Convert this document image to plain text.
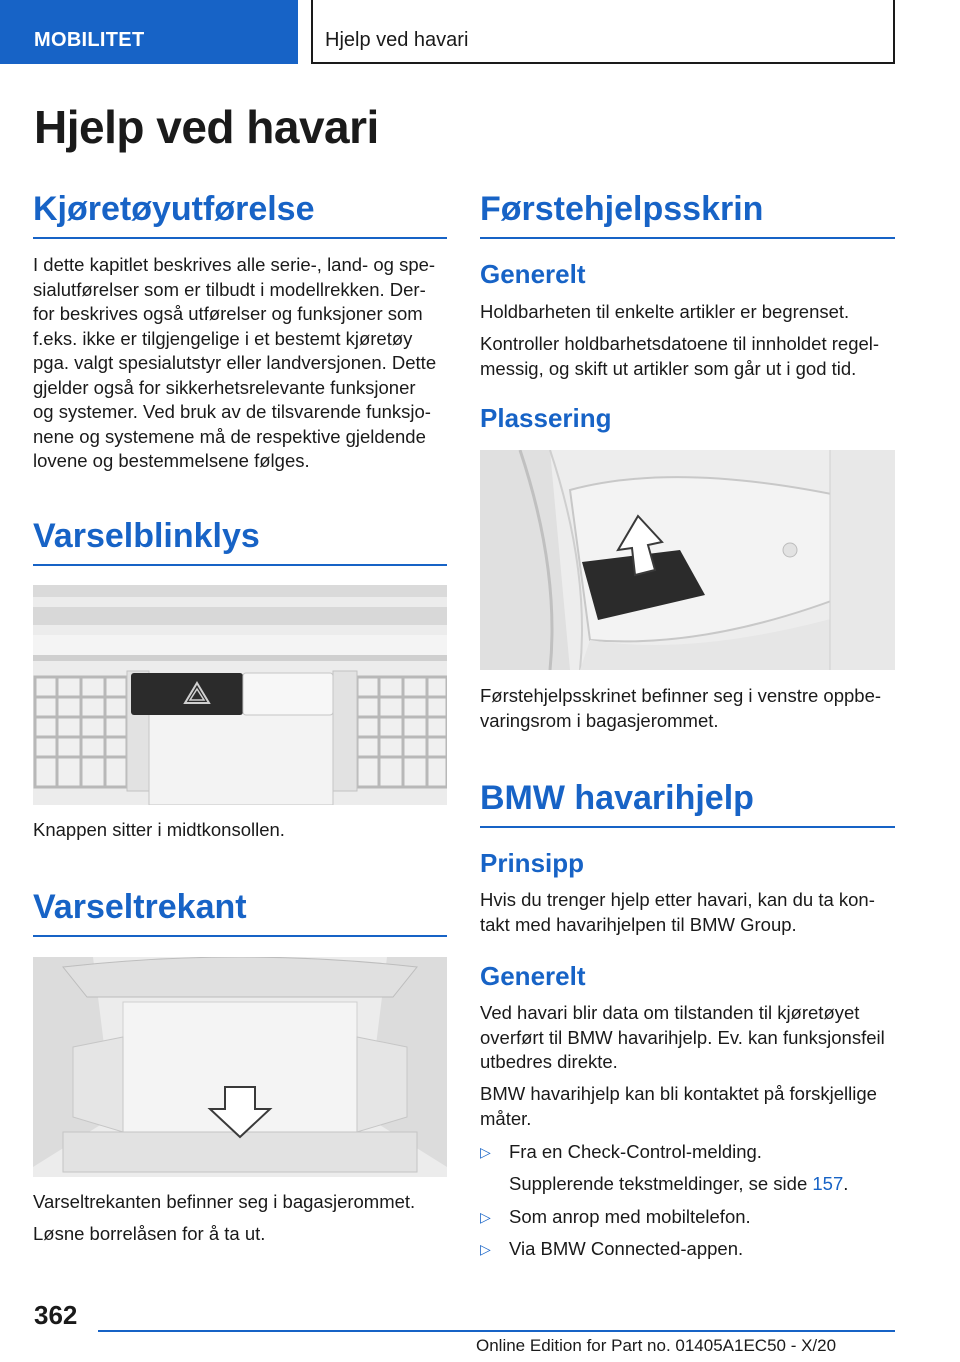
MOBILITET	Hjelp ved havari
Hjelp ved havari
Kjøretøyutførelse
I dette kapitlet beskrives alle serie-, land- og spe-
sialutførelser som er tilbudt i modellrekken. Der-
for beskrives også utførelser og funksjoner som
f.eks. ikke er tilgjengelige i et bestemt kjøretøy
pga. valgt spesialutstyr eller landversjonen. Dette
gjelder også for sikkerhetsrelevante funksjoner
og systemer. Ved bruk av de tilsvarende funksjo-
nene og systemene må de respektive gjeldende
lovene og bestemmelsene følges.
Varselblinklys
Knappen sitter i midtkonsollen.
Varseltrekant
Varseltrekanten befinner seg i bagasjerommet.
Løsne borrelåsen for å ta ut.
Førstehjelpsskrin
Generelt
Holdbarheten til enkelte artikler er begrenset.
Kontroller holdbarhetsdatoene til innholdet regel-
messig, og skift ut artikler som går ut i god tid.
Plassering
Førstehjelpsskrinet befinner seg i venstre oppbe-
varingsrom i bagasjerommet.
BMW havarihjelp
Prinsipp
Hvis du trenger hjelp etter havari, kan du ta kon-
takt med havarihjelpen til BMW Group.
Generelt
Ved havari blir data om tilstanden til kjøretøyet
overført til BMW havarihjelp. Ev. kan funksjonsfeil
utbedres direkte.
BMW havarihjelp kan bli kontaktet på forskjellige
måter.
▷ Fra en Check-Control-melding.
Supplerende tekstmeldinger, se side 157.
▷ Som anrop med mobiltelefon.
▷ Via BMW Connected-appen.
362
Online Edition for Part no. 01405A1EC50 - X/20
